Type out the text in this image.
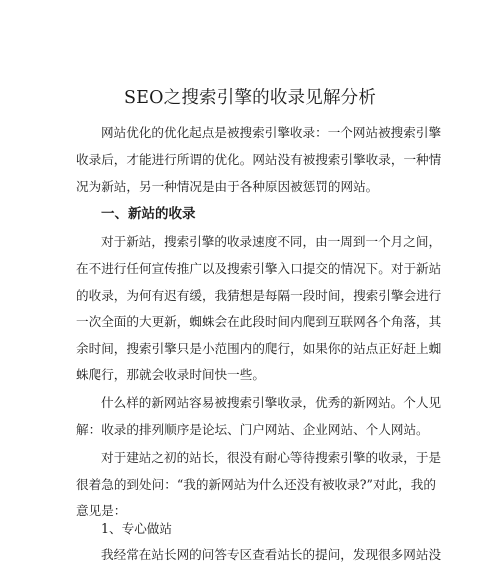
SEO之搜索引擎的收录见解分析
网站优化的优化起点是被搜索引擎收录：一个网站被搜索引擎
收录后，才能进行所谓的优化。网站没有被搜索引擎收录，一种情
况为新站，另一种情况是由于各种原因被惩罚的网站。
一、新站的收录
对于新站，搜索引擎的收录速度不同，由一周到一个月之间，
在不进行任何宣传推广以及搜索引擎入口提交的情况下。对于新站
的收录，为何有迟有缓，我猜想是每隔一段时间，搜索引擎会进行
一次全面的大更新，蜘蛛会在此段时间内爬到互联网各个角落，其
余时间，搜索引擎只是小范围内的爬行，如果你的站点正好赶上蜘
蛛爬行，那就会收录时间快一些。
什么样的新网站容易被搜索引擎收录，优秀的新网站。个人见
解：收录的排列顺序是论坛、门户网站、企业网站、个人网站。
对于建站之初的站长，很没有耐心等待搜索引擎的收录，于是
很着急的到处问：“我的新网站为什么还没有被收录?”对此，我的
意见是：
1、专心做站
我经常在站长网的问答专区查看站长的提问，发现很多网站没
